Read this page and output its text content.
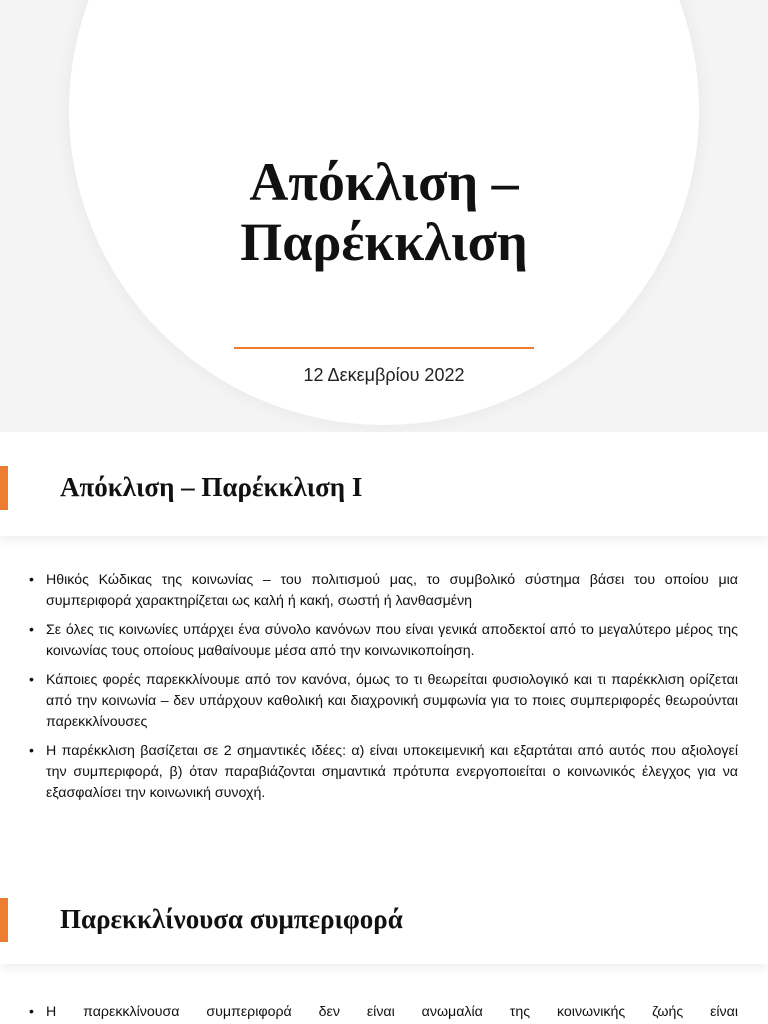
Απόκλιση –
Παρέκκλιση
12 Δεκεμβρίου 2022
Απόκλιση – Παρέκκλιση Ι
• Ηθικός Κώδικας της κοινωνίας – του πολιτισμού μας, το συμβολικό σύστημα βάσει του οποίου μια συμπεριφορά χαρακτηρίζεται ως καλή ή κακή, σωστή ή λανθασμένη
• Σε όλες τις κοινωνίες υπάρχει ένα σύνολο κανόνων που είναι γενικά αποδεκτοί από το μεγαλύτερο μέρος της κοινωνίας τους οποίους μαθαίνουμε μέσα από την κοινωνικοποίηση.
• Κάποιες φορές παρεκκλίνουμε από τον κανόνα, όμως το τι θεωρείται φυσιολογικό και τι παρέκκλιση ορίζεται από την κοινωνία – δεν υπάρχουν καθολική και διαχρονική συμφωνία για το ποιες συμπεριφορές θεωρούνται παρεκκλίνουσες
• Η παρέκκλιση βασίζεται σε 2 σημαντικές ιδέες: α) είναι υποκειμενική και εξαρτάται από αυτός που αξιολογεί την συμπεριφορά, β) όταν παραβιάζονται σημαντικά πρότυπα ενεργοποιείται ο κοινωνικός έλεγχος για να εξασφαλίσει την κοινωνική συνοχή.
Παρεκκλίνουσα συμπεριφορά
• Η παρεκκλίνουσα συμπεριφορά δεν είναι ανωμαλία της κοινωνικής ζωής είναι
